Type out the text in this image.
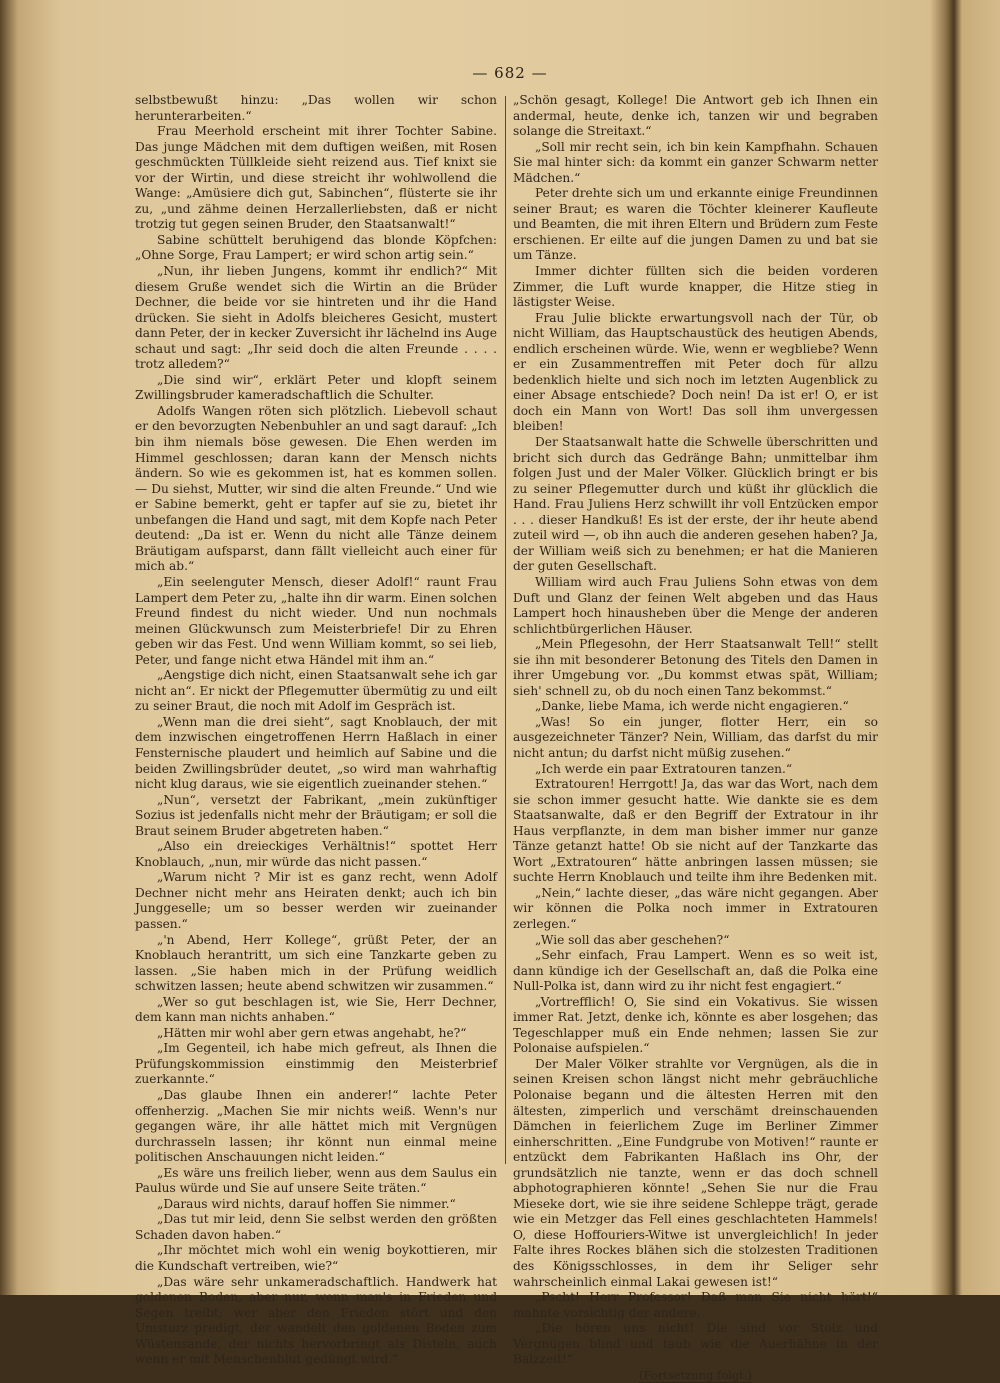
— 682 —

selbstbewußt hinzu: „Das wollen wir schon herunterarbeiten.“

Frau Meerhold erscheint mit ihrer Tochter Sabine. Das junge Mädchen mit dem duftigen weißen, mit Rosen geschmückten Tüllkleide sieht reizend aus. Tief knixt sie vor der Wirtin, und diese streicht ihr wohlwollend die Wange: „Amüsiere dich gut, Sabinchen“, flüsterte sie ihr zu, „und zähme deinen Herzallerliebsten, daß er nicht trotzig tut gegen seinen Bruder, den Staatsanwalt!“

Sabine schüttelt beruhigend das blonde Köpfchen: „Ohne Sorge, Frau Lampert; er wird schon artig sein.“

„Nun, ihr lieben Jungens, kommt ihr endlich?“ Mit diesem Gruße wendet sich die Wirtin an die Brüder Dechner, die beide vor sie hintreten und ihr die Hand drücken. Sie sieht in Adolfs bleicheres Gesicht, mustert dann Peter, der in kecker Zuversicht ihr lächelnd ins Auge schaut und sagt: „Ihr seid doch die alten Freunde . . . . trotz alledem?“

„Die sind wir“, erklärt Peter und klopft seinem Zwillingsbruder kameradschaftlich die Schulter.

Adolfs Wangen röten sich plötzlich. Liebevoll schaut er den bevorzugten Nebenbuhler an und sagt darauf: „Ich bin ihm niemals böse gewesen. Die Ehen werden im Himmel geschlossen; daran kann der Mensch nichts ändern. So wie es gekommen ist, hat es kommen sollen. — Du siehst, Mutter, wir sind die alten Freunde.“ Und wie er Sabine bemerkt, geht er tapfer auf sie zu, bietet ihr unbefangen die Hand und sagt, mit dem Kopfe nach Peter deutend: „Da ist er. Wenn du nicht alle Tänze deinem Bräutigam aufsparst, dann fällt vielleicht auch einer für mich ab.“

„Ein seelenguter Mensch, dieser Adolf!“ raunt Frau Lampert dem Peter zu, „halte ihn dir warm. Einen solchen Freund findest du nicht wieder. Und nun nochmals meinen Glückwunsch zum Meisterbriefe! Dir zu Ehren geben wir das Fest. Und wenn William kommt, so sei lieb, Peter, und fange nicht etwa Händel mit ihm an.“

„Aengstige dich nicht, einen Staatsanwalt sehe ich gar nicht an“. Er nickt der Pflegemutter übermütig zu und eilt zu seiner Braut, die noch mit Adolf im Gespräch ist.

„Wenn man die drei sieht“, sagt Knoblauch, der mit dem inzwischen eingetroffenen Herrn Haßlach in einer Fensternische plaudert und heimlich auf Sabine und die beiden Zwillingsbrüder deutet, „so wird man wahrhaftig nicht klug daraus, wie sie eigentlich zueinander stehen.“

„Nun“, versetzt der Fabrikant, „mein zukünftiger Sozius ist jedenfalls nicht mehr der Bräutigam; er soll die Braut seinem Bruder abgetreten haben.“

„Also ein dreieckiges Verhältnis!“ spottet Herr Knoblauch, „nun, mir würde das nicht passen.“

„Warum nicht ? Mir ist es ganz recht, wenn Adolf Dechner nicht mehr ans Heiraten denkt; auch ich bin Junggeselle; um so besser werden wir zueinander passen.“

„'n Abend, Herr Kollege“, grüßt Peter, der an Knoblauch herantritt, um sich eine Tanzkarte geben zu lassen. „Sie haben mich in der Prüfung weidlich schwitzen lassen; heute abend schwitzen wir zusammen.“

„Wer so gut beschlagen ist, wie Sie, Herr Dechner, dem kann man nichts anhaben.“

„Hätten mir wohl aber gern etwas angehabt, he?“

„Im Gegenteil, ich habe mich gefreut, als Ihnen die Prüfungskommission einstimmig den Meisterbrief zuerkannte.“

„Das glaube Ihnen ein anderer!“ lachte Peter offenherzig. „Machen Sie mir nichts weiß. Wenn's nur gegangen wäre, ihr alle hättet mich mit Vergnügen durchrasseln lassen; ihr könnt nun einmal meine politischen Anschauungen nicht leiden.“

„Es wäre uns freilich lieber, wenn aus dem Saulus ein Paulus würde und Sie auf unsere Seite träten.“

„Daraus wird nichts, darauf hoffen Sie nimmer.“

„Das tut mir leid, denn Sie selbst werden den größten Schaden davon haben.“

„Ihr möchtet mich wohl ein wenig boykottieren, mir die Kundschaft vertreiben, wie?“

„Das wäre sehr unkameradschaftlich. Handwerk hat goldenen Boden, aber nur, wenn man's in Frieden und Segen treibt; wer aber den Frieden stört und den Umsturz predigt, der wandelt den goldenen Boden zum Wüstensande, der nichts hervorbringt als Disteln, auch wenn er mit Menschenblut gedüngt wird.“

„Schön gesagt, Kollege! Die Antwort geb ich Ihnen ein andermal, heute, denke ich, tanzen wir und begraben solange die Streitaxt.“

„Soll mir recht sein, ich bin kein Kampfhahn. Schauen Sie mal hinter sich: da kommt ein ganzer Schwarm netter Mädchen.“

Peter drehte sich um und erkannte einige Freundinnen seiner Braut; es waren die Töchter kleinerer Kaufleute und Beamten, die mit ihren Eltern und Brüdern zum Feste erschienen. Er eilte auf die jungen Damen zu und bat sie um Tänze.

Immer dichter füllten sich die beiden vorderen Zimmer, die Luft wurde knapper, die Hitze stieg in lästigster Weise.

Frau Julie blickte erwartungsvoll nach der Tür, ob nicht William, das Hauptschaustück des heutigen Abends, endlich erscheinen würde. Wie, wenn er wegbliebe? Wenn er ein Zusammentreffen mit Peter doch für allzu bedenklich hielte und sich noch im letzten Augenblick zu einer Absage entschiede? Doch nein! Da ist er! O, er ist doch ein Mann von Wort! Das soll ihm unvergessen bleiben!

Der Staatsanwalt hatte die Schwelle überschritten und bricht sich durch das Gedränge Bahn; unmittelbar ihm folgen Just und der Maler Völker. Glücklich bringt er bis zu seiner Pflegemutter durch und küßt ihr glücklich die Hand. Frau Juliens Herz schwillt ihr voll Entzücken empor . . . dieser Handkuß! Es ist der erste, der ihr heute abend zuteil wird —, ob ihn auch die anderen gesehen haben? Ja, der William weiß sich zu benehmen; er hat die Manieren der guten Gesellschaft.

William wird auch Frau Juliens Sohn etwas von dem Duft und Glanz der feinen Welt abgeben und das Haus Lampert hoch hinausheben über die Menge der anderen schlichtbürgerlichen Häuser.

„Mein Pflegesohn, der Herr Staatsanwalt Tell!“ stellt sie ihn mit besonderer Betonung des Titels den Damen in ihrer Umgebung vor. „Du kommst etwas spät, William; sieh' schnell zu, ob du noch einen Tanz bekommst.“

„Danke, liebe Mama, ich werde nicht engagieren.“

„Was! So ein junger, flotter Herr, ein so ausgezeichneter Tänzer? Nein, William, das darfst du mir nicht antun; du darfst nicht müßig zusehen.“

„Ich werde ein paar Extratouren tanzen.“

Extratouren! Herrgott! Ja, das war das Wort, nach dem sie schon immer gesucht hatte. Wie dankte sie es dem Staatsanwalte, daß er den Begriff der Extratour in ihr Haus verpflanzte, in dem man bisher immer nur ganze Tänze getanzt hatte! Ob sie nicht auf der Tanzkarte das Wort „Extratouren“ hätte anbringen lassen müssen; sie suchte Herrn Knoblauch und teilte ihm ihre Bedenken mit.

„Nein,“ lachte dieser, „das wäre nicht gegangen. Aber wir können die Polka noch immer in Extratouren zerlegen.“

„Wie soll das aber geschehen?“

„Sehr einfach, Frau Lampert. Wenn es so weit ist, dann kündige ich der Gesellschaft an, daß die Polka eine Null-Polka ist, dann wird zu ihr nicht fest engagiert.“

„Vortrefflich! O, Sie sind ein Vokativus. Sie wissen immer Rat. Jetzt, denke ich, könnte es aber losgehen; das Tegeschlapper muß ein Ende nehmen; lassen Sie zur Polonaise aufspielen.“

Der Maler Völker strahlte vor Vergnügen, als die in seinen Kreisen schon längst nicht mehr gebräuchliche Polonaise begann und die ältesten Herren mit den ältesten, zimperlich und verschämt dreinschauenden Dämchen in feierlichem Zuge im Berliner Zimmer einherschritten. „Eine Fundgrube von Motiven!“ raunte er entzückt dem Fabrikanten Haßlach ins Ohr, der grundsätzlich nie tanzte, wenn er das doch schnell abphotographieren könnte! „Sehen Sie nur die Frau Mieseke dort, wie sie ihre seidene Schleppe trägt, gerade wie ein Metzger das Fell eines geschlachteten Hammels! O, diese Hoffouriers-Witwe ist unvergleichlich! In jeder Falte ihres Rockes blähen sich die stolzesten Traditionen des Königsschlosses, in dem ihr Seliger sehr wahrscheinlich einmal Lakai gewesen ist!“

„Pscht! Herr Professor! Daß man Sie nicht hört!“ mahnte vorsichtig der andere.

„Die hören uns nicht! Die sind vor Stolz und Vergnügen blind und taub wie die Auerhähne in der Balzzeit!“

(Fortsetzung folgt.)
